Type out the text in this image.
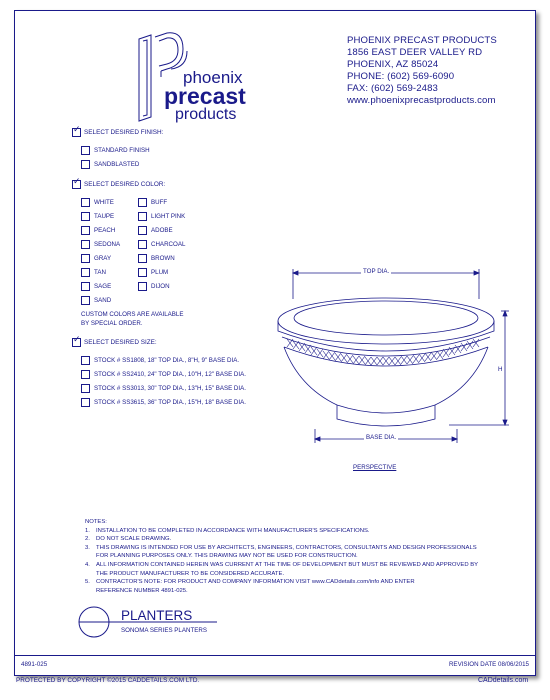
phoenix
precast
products
PHOENIX PRECAST PRODUCTS
1856 EAST DEER VALLEY RD
PHOENIX, AZ 85024
PHONE: (602) 569-6090
FAX: (602) 569-2483
www.phoenixprecastproducts.com
✓
SELECT DESIRED FINISH:
STANDARD FINISH
SANDBLASTED
✓
SELECT DESIRED COLOR:
WHITE
TAUPE
PEACH
SEDONA
GRAY
TAN
SAGE
SAND
BUFF
LIGHT PINK
ADOBE
CHARCOAL
BROWN
PLUM
DIJON
CUSTOM COLORS ARE AVAILABLE
BY SPECIAL ORDER.
✓
SELECT DESIRED SIZE:
STOCK # SS1808, 18" TOP DIA., 8"H, 9" BASE DIA.
STOCK # SS2410, 24" TOP DIA., 10"H, 12" BASE DIA.
STOCK # SS3013, 30" TOP DIA., 13"H, 15" BASE DIA.
STOCK # SS3615, 36" TOP DIA., 15"H, 18" BASE DIA.
TOP DIA.
BASE DIA.
H
PERSPECTIVE
NOTES:
1.	INSTALLATION TO BE COMPLETED IN ACCORDANCE WITH MANUFACTURER'S SPECIFICATIONS.
2.	DO NOT SCALE DRAWING.
3.	THIS DRAWING IS INTENDED FOR USE BY ARCHITECTS, ENGINEERS, CONTRACTORS, CONSULTANTS AND DESIGN PROFESSIONALS
FOR PLANNING PURPOSES ONLY. THIS DRAWING MAY NOT BE USED FOR CONSTRUCTION.
4.	ALL INFORMATION CONTAINED HEREIN WAS CURRENT AT THE TIME OF DEVELOPMENT BUT MUST BE REVIEWED AND APPROVED BY
THE PRODUCT MANUFACTURER TO BE CONSIDERED ACCURATE.
5.	CONTRACTOR'S NOTE: FOR PRODUCT AND COMPANY INFORMATION VISIT www.CADdetails.com/info AND ENTER
REFERENCE NUMBER 4891-025.
PLANTERS
SONOMA SERIES PLANTERS
4891-025	REVISION DATE 08/06/2015
PROTECTED BY COPYRIGHT ©2015 CADDETAILS.COM LTD.	CADdetails.com
